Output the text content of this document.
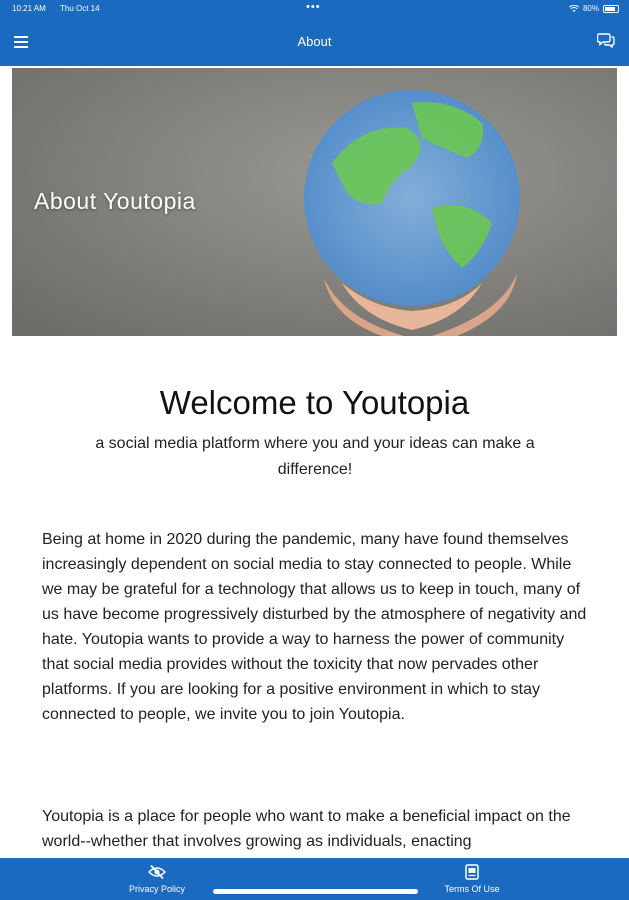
10:21 AM Thu Oct 14	•••	80%
About
About Youtopia
Welcome to Youtopia
a social media platform where you and your ideas can make a difference!
Being at home in 2020 during the pandemic, many have found themselves increasingly dependent on social media to stay connected to people. While we may be grateful for a technology that allows us to keep in touch, many of us have become progressively disturbed by the atmosphere of negativity and hate. Youtopia wants to provide a way to harness the power of community that social media provides without the toxicity that now pervades other platforms. If you are looking for a positive environment in which to stay connected to people, we invite you to join Youtopia.
Youtopia is a place for people who want to make a beneficial impact on the world--whether that involves growing as individuals, enacting
Privacy Policy	Terms Of Use
